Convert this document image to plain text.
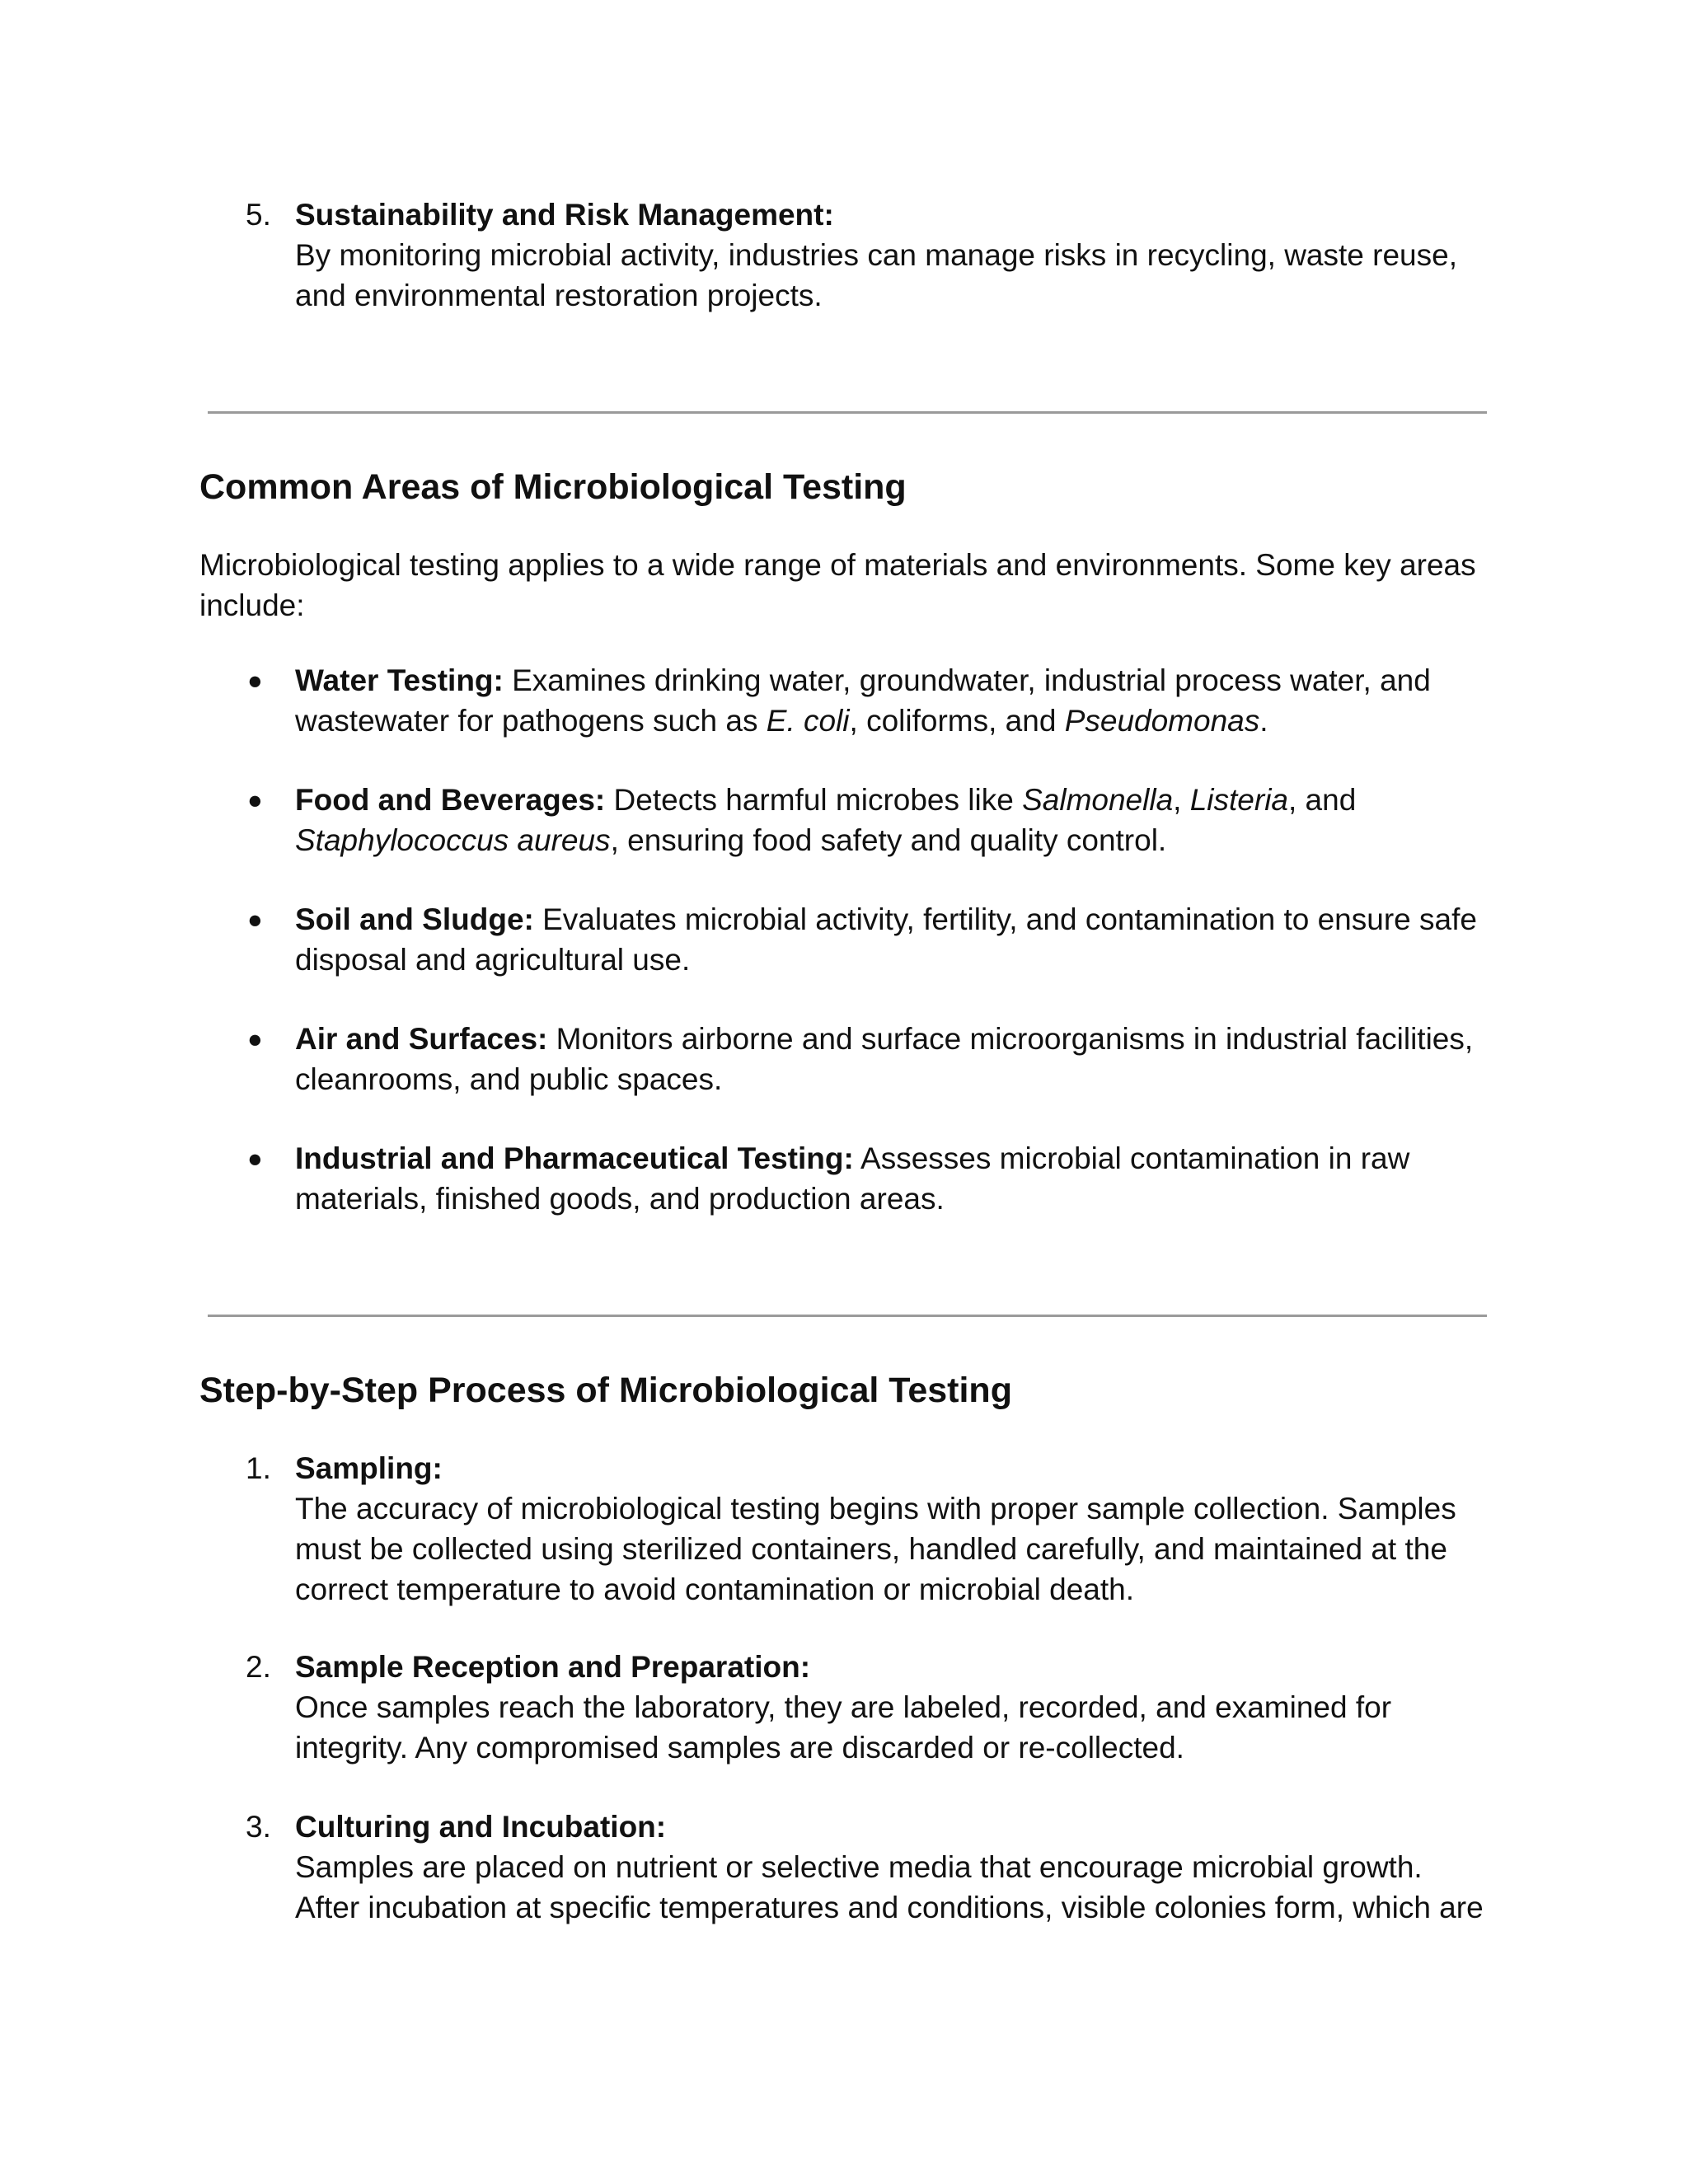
5. Sustainability and Risk Management:
By monitoring microbial activity, industries can manage risks in recycling, waste reuse,
and environmental restoration projects.
Common Areas of Microbiological Testing
Microbiological testing applies to a wide range of materials and environments. Some key areas
include:
● Water Testing: Examines drinking water, groundwater, industrial process water, and
wastewater for pathogens such as E. coli, coliforms, and Pseudomonas.
● Food and Beverages: Detects harmful microbes like Salmonella, Listeria, and
Staphylococcus aureus, ensuring food safety and quality control.
● Soil and Sludge: Evaluates microbial activity, fertility, and contamination to ensure safe
disposal and agricultural use.
● Air and Surfaces: Monitors airborne and surface microorganisms in industrial facilities,
cleanrooms, and public spaces.
● Industrial and Pharmaceutical Testing: Assesses microbial contamination in raw
materials, finished goods, and production areas.
Step-by-Step Process of Microbiological Testing
1. Sampling:
The accuracy of microbiological testing begins with proper sample collection. Samples
must be collected using sterilized containers, handled carefully, and maintained at the
correct temperature to avoid contamination or microbial death.
2. Sample Reception and Preparation:
Once samples reach the laboratory, they are labeled, recorded, and examined for
integrity. Any compromised samples are discarded or re-collected.
3. Culturing and Incubation:
Samples are placed on nutrient or selective media that encourage microbial growth.
After incubation at specific temperatures and conditions, visible colonies form, which are
